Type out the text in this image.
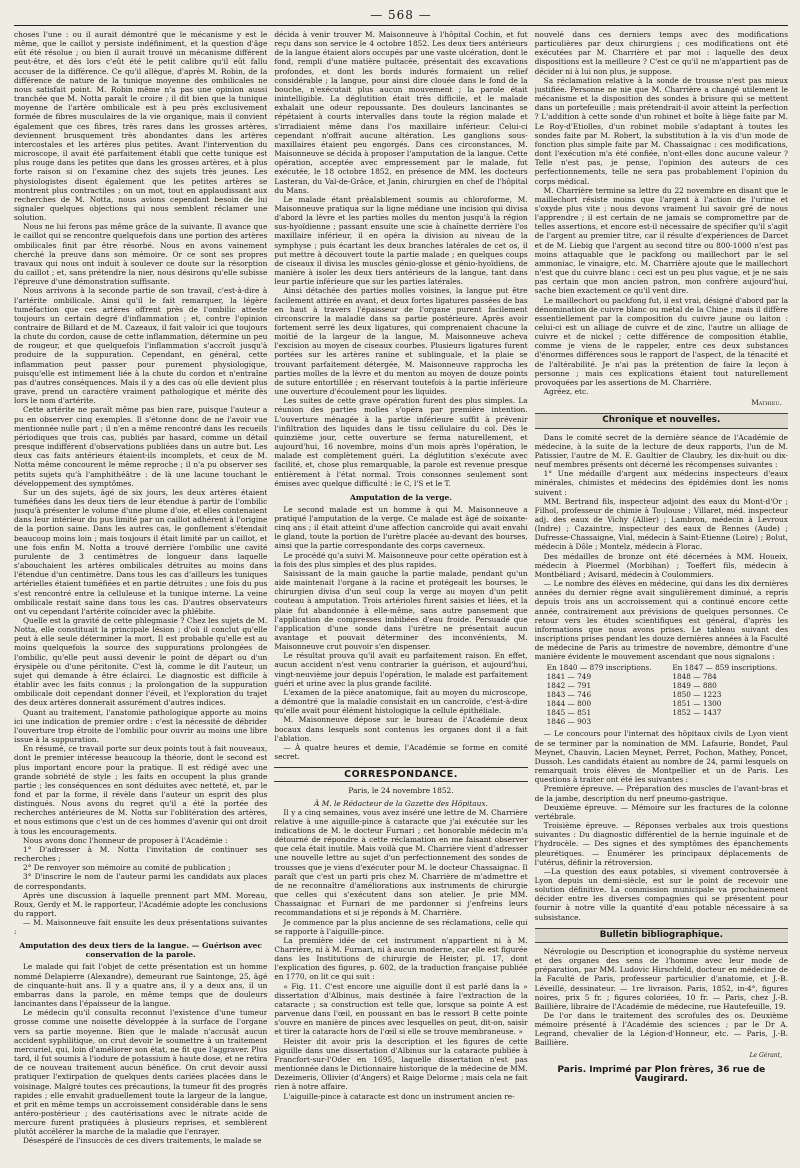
— 568 —

choses l'une : ou il aurait démontré que le mécanisme y est le même, que le caillot y persiste indéfiniment, et la question d'âge eût été résolue ; ou bien il aurait trouvé un mécanisme différent peut-être, et dès lors c'eût été le petit calibre qu'il eût fallu accuser de la différence. Ce qu'il allègue, d'après M. Robin, de la différence de nature de la tunique moyenne des ombilicales ne nous satisfait point. M. Robin même n'a pas une opinion aussi tranchée que M. Notta paraît le croire ; il dit bien que la tunique moyenne de l'artère ombilicale est à peu près exclusivement formée de fibres musculaires de la vie organique, mais il convient également que ces fibres, très rares dans les grosses artères, deviennent brusquement très abondantes dans les artères intercostales et les artères plus petites. Avant l'intervention du microscope, il avait été parfaitement établi que cette tunique est plus rouge dans les petites que dans les grosses artères, et à plus forte raison si on l'examine chez des sujets très jeunes. Les physiologistes disent également que les petites artères se montrent plus contractiles ; on un mot, tout en applaudissant aux recherches de M. Notta, nous avions cependant besoin de lui signaler quelques objections qui nous semblent réclamer une solution.

Nous ne lui ferons pas même grâce de la suivante. Il avance que le caillot qui se rencontre quelquefois dans une portion des artères ombilicales finit par être résorbé. Nous en avons vainement cherché la preuve dans son mémoire. Or ce sont ses propres travaux qui nous ont induit à soulever ce doute sur la résorption du caillot ; et, sans prétendre la nier, nous désirons qu'elle subisse l'épreuve d'une démonstration suffisante.

Nous arrivons à la seconde partie de son travail, c'est-à-dire à l'artérite ombilicale. Ainsi qu'il le fait remarquer, la légère tuméfaction que ces artères offrent près de l'ombilic atteste toujours un certain degré d'inflammation ; et, contre l'opinion contraire de Billard et de M. Cazeaux, il fait valoir ici que toujours la chute du cordon, cause de cette inflammation, détermine un peu de rougeur, et que quelquefois l'inflammation s'accroît jusqu'à produire de la suppuration. Cependant, en général, cette inflammation peut passer pour purement physiologique, puisqu'elle est intimement liée à la chute du cordon et n'entraîne pas d'autres conséquences. Mais il y a des cas où elle devient plus grave, prend un caractère vraiment pathologique et mérite dès lors le nom d'artérite.

Cette artérite ne paraît même pas bien rare, puisque l'auteur a pu en observer cinq exemples. Il s'étonne donc de ne l'avoir vue mentionnée nulle part ; il n'en a même rencontré dans les recueils périodiques que trois cas, publiés par hasard, comme un détail presque indifférent d'observations publiées dans un autre but. Les deux cas faits antérieurs étaient-ils incomplets, et ceux de M. Notta même concourent le même reproche ; il n'a pu observer ses petits sujets qu'à l'amphithéâtre : de là une lacune touchant le développement des symptômes.

Sur un des sujets, âgé de six jours, les deux artères étaient tuméfiées dans les deux tiers de leur étendue à partir de l'ombilic jusqu'à présenter le volume d'une plume d'oie, et elles contenaient dans leur intérieur du pus limité par un caillot adhérent à l'origine de la portion saine. Dans les autres cas, le gonflement s'étendait beaucoup moins loin ; mais toujours il était limité par un caillot, et une fois enfin M. Notta a trouvé derrière l'ombilic une cavité purulente de 3 centimètres de longueur dans laquelle s'abouchaient les artères ombilicales détruites au moins dans l'étendue d'un centimètre. Dans tous les cas d'ailleurs les tuniques artérielles étaient tuméfiées et en partie détruites ; une fois du pus s'est rencontré entre la celluleuse et la tunique interne. La veine ombilicale restait saine dans tous les cas. D'autres observateurs ont vu cependant l'artérite coïncider avec la phlébite.

Quelle est la gravité de cette phlegmasie ? Chez les sujets de M. Notta, elle constituait la principale lésion ; d'où il conclut qu'elle peut à elle seule déterminer la mort. Il est probable qu'elle est au moins quelquefois la source des suppurations prolongées de l'ombilic, qu'elle peut aussi devenir le point de départ ou d'un érysipèle ou d'une péritonite. C'est là, comme le dit l'auteur, un sujet qui demande à être éclairci. Le diagnostic est difficile à établir avec les faits connus ; la prolongation de la suppuration ombilicale doit cependant donner l'éveil, et l'exploration du trajet des deux artères donnerait assurément d'autres indices.

Quant au traitement, l'anatomie pathologique apporte au moins ici une indication de premier ordre : c'est la nécessité de débrider l'ouverture trop étroite de l'ombilic pour ouvrir au moins une libre issue à la suppuration.

En résumé, ce travail porte sur deux points tout à fait nouveaux, dont le premier intéresse beaucoup la théorie, dont le second est plus important encore pour la pratique. Il est rédigé avec une grande sobriété de style ; les faits en occupent la plus grande partie ; les conséquences en sont déduites avec netteté, et, par le fond et par la forme, il révèle dans l'auteur un esprit des plus distingués. Nous avons du regret qu'il a été la portée des recherches antérieures de M. Notta sur l'oblitération des artères, et nous estimons que c'est un de ces hommes d'avenir qui ont droit à tous les encouragements.

Nous avons donc l'honneur de proposer à l'Académie :

1° D'adresser à M. Notta l'invitation de continuer ses recherches ;

2° De renvoyer son mémoire au comité de publication ;

3° D'inscrire le nom de l'auteur parmi les candidats aux places de correspondants.

Après une discussion à laquelle prennent part MM. Moreau, Roux, Gerdy et M. le rapporteur, l'Académie adopte les conclusions du rapport.

— M. Maisonneuve fait ensuite les deux présentations suivantes :

Amputation des deux tiers de la langue. — Guérison avec conservation de la parole.

Le malade qui fait l'objet de cette présentation est un homme nommé Delapierre (Alexandre), demeurant rue Saintonge, 25, âgé de cinquante-huit ans. Il y a quatre ans, il y a deux ans, il un embarras dans la parole, en même temps que de douleurs lancinantes dans l'épaisseur de la langue.

Le médecin qu'il consulta reconnut l'existence d'une tumeur grosse comme une noisette développée à la surface de l'organe vers sa partie moyenne. Bien que le malade n'accusât aucun accident syphilitique, on crut devoir le soumettre à un traitement mercuriel, qui, loin d'améliorer son état, ne fit que l'aggraver. Plus tard, il fut soumis à l'iodure de potassium à haute dose, et ne retira de ce nouveau traitement aucun bénéfice. On crut devoir aussi pratiquer l'extirpation de quelques dents cariées placées dans le voisinage. Malgré toutes ces précautions, la tumeur fit des progrès rapides ; elle envahit graduellement toute la largeur de la langue, et prit en même temps un accroissement considérable dans le sens antéro-postérieur ; des cautérisations avec le nitrate acide de mercure furent pratiquées à plusieurs reprises, et semblèrent plutôt accélérer la marche de la maladie que l'enrayer.

Désespéré de l'insuccès de ces divers traitements, le malade se

décida à venir trouver M. Maisonneuve à l'hôpital Cochin, et fut reçu dans son service le 4 octobre 1852. Les deux tiers antérieurs de la langue étaient alors occupés par une vaste ulcération, dont le fond, rempli d'une matière pultacée, présentait des excavations profondes, et dont les bords indurés formaient un relief considérable ; la langue, pour ainsi dire clouée dans le fond de la bouche, n'exécutait plus aucun mouvement ; la parole était inintelligible. La déglutition était très difficile, et le malade exhalait une odeur repoussante. Des douleurs lancinantes se répétaient à courts intervalles dans toute la région malade et s'irradiaient même dans l'os maxillaire inférieur. Celui-ci cependant n'offrait aucune altération. Les ganglions sous-maxillaires étaient peu engorgés. Dans ces circonstances, M. Maisonneuve se décida à proposer l'amputation de la langue. Cette opération, acceptée avec empressement par le malade, fut exécutée, le 18 octobre 1852, en présence de MM. les docteurs Lasteran, du Val-de-Grâce, et Janin, chirurgien en chef de l'hôpital du Mans.

Le malade étant préalablement soumis au chloroforme, M. Maisonneuve pratiqua sur la ligne médiane une incision qui divisa d'abord la lèvre et les parties molles du menton jusqu'à la région sus-hyoïdienne ; passant ensuite une scie à chaînette derrière l'os maxillaire inférieur, il en opéra la division au niveau de la symphyse ; puis écartant les deux branches latérales de cet os, il put mettre à découvert toute la partie malade ; en quelques coups de ciseaux il divisa les muscles génio-glosse et génio-hyoïdiens, de manière à isoler les deux tiers antérieurs de la langue, tant dans leur partie inférieure que sur les parties latérales.

Ainsi détachée des parties molles voisines, la langue put être facilement attirée en avant, et deux fortes ligatures passées de bas en haut à travers l'épaisseur de l'organe purent facilement circonscrire la maladie dans sa partie postérieure. Après avoir fortement serré les deux ligatures, qui comprenaient chacune la moitié de la largeur de la langue, M. Maisonneuve acheva l'excision au moyen de ciseaux courbes. Plusieurs ligatures furent portées sur les artères ranine et sublinguale, et la plaie se trouvant parfaitement détergée, M. Maisonneuve rapprocha les parties molles de la lèvre et du menton au moyen de douze points de suture entortillée ; en réservant toutefois à la partie inférieure une ouverture d'écoulement pour les liquides.

Les suites de cette grave opération furent des plus simples. La réunion des parties molles s'opéra par première intention. L'ouverture ménagée à la partie inférieure suffit à prévenir l'infiltration des liquides dans le tissu cellulaire du col. Dès le quinzième jour, cette ouverture se ferma naturellement, et aujourd'hui, 16 novembre, moins d'un mois après l'opération, le malade est complètement guéri. La déglutition s'exécute avec facilité, et, chose plus remarquable, la parole est revenue presque entièrement à l'état normal. Trois consonnes seulement sont émises avec quelque difficulté : le C, l'S et le T.

Amputation de la verge.

Le second malade est un homme à qui M. Maisonneuve a pratiqué l'amputation de la verge. Ce malade est âgé de soixante-cinq ans ; il était atteint d'une affection cancroïde qui avait envahi le gland, toute la portion de l'urètre placée au-devant des bourses, ainsi que la partie correspondante des corps caverneux.

Le procédé qu'a suivi M. Maisonneuve pour cette opération est à la fois des plus simples et des plus rapides.

Saisissant de la main gauche la partie malade, pendant qu'un aide maintenait l'organe à la racine et protégeait les bourses, le chirurgien divisa d'un seul coup la verge au moyen d'un petit couteau à amputation. Trois artérioles furent saisies et liées, et la plaie fut abandonnée à elle-même, sans autre pansement que l'application de compresses imbibées d'eau froide. Persuadé que l'application d'une sonde dans l'urètre ne présentait aucun avantage et pouvait déterminer des inconvénients, M. Maisonneuve crut pouvoir s'en dispenser.

Le résultat prouva qu'il avait eu parfaitement raison. En effet, aucun accident n'est venu contrarier la guérison, et aujourd'hui, vingt-neuvième jour depuis l'opération, le malade est parfaitement guéri et urine avec la plus grande facilité.

L'examen de la pièce anatomique, fait au moyen du microscope, a démontré que la maladie consistait en un cancroïde, c'est-à-dire qu'elle avait pour élément histologique la cellule épithéliale.

M. Maisonneuve dépose sur le bureau de l'Académie deux bocaux dans lesquels sont contenus les organes dont il a fait l'ablation.

— À quatre heures et demie, l'Académie se forme en comité secret.

CORRESPONDANCE.
Paris, le 24 novembre 1852.

À M. le Rédacteur de la Gazette des Hôpitaux.

Il y a cinq semaines, vous avez inséré une lettre de M. Charrière relative à une aiguille-pince à cataracte que j'ai exécutée sur les indications de M. le docteur Furnari ; cet honorable médecin m'a détourné de répondre à cette réclamation en me faisant observer que cela était inutile. Mais voilà que M. Charrière vient d'adresser une nouvelle lettre au sujet d'un perfectionnement des sondes de trousses que je viens d'exécuter pour M. le docteur Chassaignac. Il paraît que c'est un parti pris chez M. Charrière de m'admettre et de ne reconnaître d'améliorations aux instruments de chirurgie que celles qui s'exécutent dans son atelier. Je prie MM. Chassaignac et Furnari de me pardonner si j'enfreins leurs recommandations et si je réponds à M. Charrière.

Je commence par la plus ancienne de ses réclamations, celle qui se rapporte à l'aiguille-pince.

La première idée de cet instrument n'appartient ni à M. Charrière, ni à M. Furnari, ni à aucun moderne, car elle est figurée dans les Institutions de chirurgie de Heister, pl. 17, dont l'explication des figures, p. 602, de la traduction française publiée en 1770, on lit ce qui suit :

« Fig. 11. C'est encore une aiguille dont il est parlé dans la » dissertation d'Albinus, mais destinée à faire l'extraction de la cataracte ; sa construction est telle que, lorsque sa pointe A est parvenue dans l'œil, en poussant en bas le ressort B cette pointe s'ouvre en manière de pinces avec lesquelles on peut, dit-on, saisir et tirer la cataracte hors de l'œil si elle se trouve membraneuse. »

Heister dit avoir pris la description et les figures de cette aiguille dans une dissertation d'Albinus sur la cataracte publiée à Francfort-sur-l'Oder en 1695, laquelle dissertation n'est pas mentionnée dans le Dictionnaire historique de la médecine de MM. Dezeimeris, Ollivier (d'Angers) et Raige Delorme ; mais cela ne fait rien à notre affaire.

L'aiguille-pince à cataracte est donc un instrument ancien re-

nouvelé dans ces derniers temps avec des modifications particulières par deux chirurgiens ; ces modifications ont été exécutées par M. Charrière et par moi : laquelle des deux dispositions est la meilleure ? C'est ce qu'il ne m'appartient pas de décider ni à lui non plus, je suppose.

Sa réclamation relative à la sonde de trousse n'est pas mieux justifiée. Personne ne nie que M. Charrière a changé utilement le mécanisme et la disposition des sondes à brisure qui se mettent dans un portefeuille ; mais prétendrait-il avoir atteint la perfection ? L'addition à cette sonde d'un robinet et boîte à liège faite par M. Le Roy-d'Etiolles, d'un robinet mobile s'adaptant à toutes les sondes faite par M. Robert, la substitution à la vis d'un mode de fonction plus simple faite par M. Chassaignac : ces modifications, dont l'exécution m'a été confiée, n'ont-elles donc aucune valeur ? Telle n'est pas, je pense, l'opinion des auteurs de ces perfectionnements, telle ne sera pas probablement l'opinion du corps médical.

M. Charrière termine sa lettre du 22 novembre en disant que le maillechort résiste moins que l'argent à l'action de l'urine et s'oxyde plus vite ; nous devons vraiment lui savoir gré de nous l'apprendre ; il est certain de ne jamais se compromettre par de telles assertions, et encore est-il nécessaire de spécifier qu'il s'agit de l'argent au premier titre, car il résulte d'expériences de Darcet et de M. Liebig que l'argent au second titre ou 800-1000 n'est pas moins attaquable que le packfong ou maillechort par le sel ammoniac, le vinaigre, etc. M. Charrière ajoute que le maillechort n'est que du cuivre blanc : ceci est un peu plus vague, et je ne sais pas certain que mon ancien patron, mon confrère aujourd'hui, sache bien exactement ce qu'il vent dire.

Le maillechort ou packfong fut, il est vrai, désigné d'abord par la dénomination de cuivre blanc ou métal de la Chine ; mais il diffère essentiellement par la composition du cuivre jaune ou laiton : celui-ci est un alliage de cuivre et de zinc, l'autre un alliage de cuivre et de nickel ; cette différence de composition établie, comme je viens de le rappeler, entre ces deux substances d'énormes différences sous le rapport de l'aspect, de la ténacité et de l'altérabilité. Je n'ai pas la prétention de faire la leçon à personne ; mais ces explications étaient tout naturellement provoquées par les assertions de M. Charrière.

Agréez, etc.

Mathieu.
Chronique et nouvelles.

Dans le comité secret de la dernière séance de l'Académie de médecine, à la suite de la lecture de deux rapports, l'un de M. Patissier, l'autre de M. E. Gaultier de Claubry, les dix-huit ou dix-neuf membres présents ont décerné les récompenses suivantes :

1° Une médaille d'argent aux médecins inspecteurs d'eaux minérales, chimistes et médecins des épidémies dont les noms suivent :

MM. Bertrand fils, inspecteur adjoint des eaux du Mont-d'Or ; Filhol, professeur de chimie à Toulouse ; Villaret, méd. inspecteur adj. des eaux de Vichy (Allier) ; Lambron, médecin à Levroux (Indre) ; Cazaintre, inspecteur des eaux de Rennes (Aude) ; Dufresse-Chassaigne, Vial, médecin à Saint-Etienne (Loire) ; Bolut, médecin à Dôle ; Montelz, médecin à Florac.

Des médailles de bronze ont été décernées à MM. Houeix, médecin à Ploermel (Morbihan) ; Toeffert fils, médecin à Montbéliard ; Avisard, médecin à Coulommiers.

— Le nombre des élèves en médecine, qui dans les dix dernières années du dernier règne avait singulièrement diminué, a repris depuis trois ans un accroissement qui a continué encore cette année, contrairement aux prévisions de quelques personnes. Ce retour vers les études scientifiques est général, d'après les informations que nous avons prises. Le tableau suivant des inscriptions prises pendant les douze dernières années à la Faculté de médecine de Paris au trimestre de novembre, démontre d'une manière évidente le mouvement ascendant que nous signalons :

En 1840 — 879 inscriptions.	En 1847 — 859 inscriptions.
1841 — 749	1848 — 784
1842 — 791	1849 — 880
1843 — 746	1850 — 1223
1844 — 800	1851 — 1300
1845 — 851	1852 — 1437
1846 — 903

— Le concours pour l'internat des hôpitaux civils de Lyon vient de se terminer par la nomination de MM. Lafaurie, Bondet, Paul Meynet, Chauvin, Lacien Meynet, Perret, Pochon, Mathey, Poncet, Dussoh. Les candidats étaient au nombre de 24, parmi lesquels on remarquait trois élèves de Montpellier et un de Paris. Les questions à traiter ont été les suivantes :

Première épreuve. — Préparation des muscles de l'avant-bras et de la jambe, description du nerf pneumo-gastrique.

Deuxième épreuve. — Mémoire sur les fractures de la colonne vertébrale.

Troisième épreuve. — Réponses verbales aux trois questions suivantes : Du diagnostic différentiel de la hernie inguinale et de l'hydrocèle. — Des signes et des symptômes des épanchements pleurétiques. — Énumérer les principaux déplacements de l'utérus, définir la rétroversion.

—La question des eaux potables, si vivement controversée à Lyon depuis un demi-siècle, est sur le point de recevoir une solution définitive. La commission municipale va prochainement décider entre les diverses compagnies qui se présentent pour fournir à notre ville la quantité d'eau potable nécessaire à sa subsistance.

Bulletin bibliographique.

Névrologie ou Description et iconographie du système nerveux et des organes des sens de l'homme avec leur mode de préparation, par MM. Ludovic Hirschfeld, docteur en médecine de la Faculté de Paris, professeur particulier d'anatomie, et J.-B. Léveillé, dessinateur. — 1re livraison. Paris, 1852, in-4°, figures noires, prix 5 fr. ; figures coloriées, 10 fr. — Paris, chez J.-B. Baillière, libraire de l'Académie de médecine, rue Hautefeuille, 19.

De l'or dans le traitement des scrofules des os. Deuxième mémoire présenté à l'Académie des sciences ; par le Dr A. Legrand, chevalier de la Légion-d'Honneur, etc. — Paris, J.-B. Baillière.

Le Gérant,
Paris. Imprimé par Plon frères, 36 rue de Vaugirard.
